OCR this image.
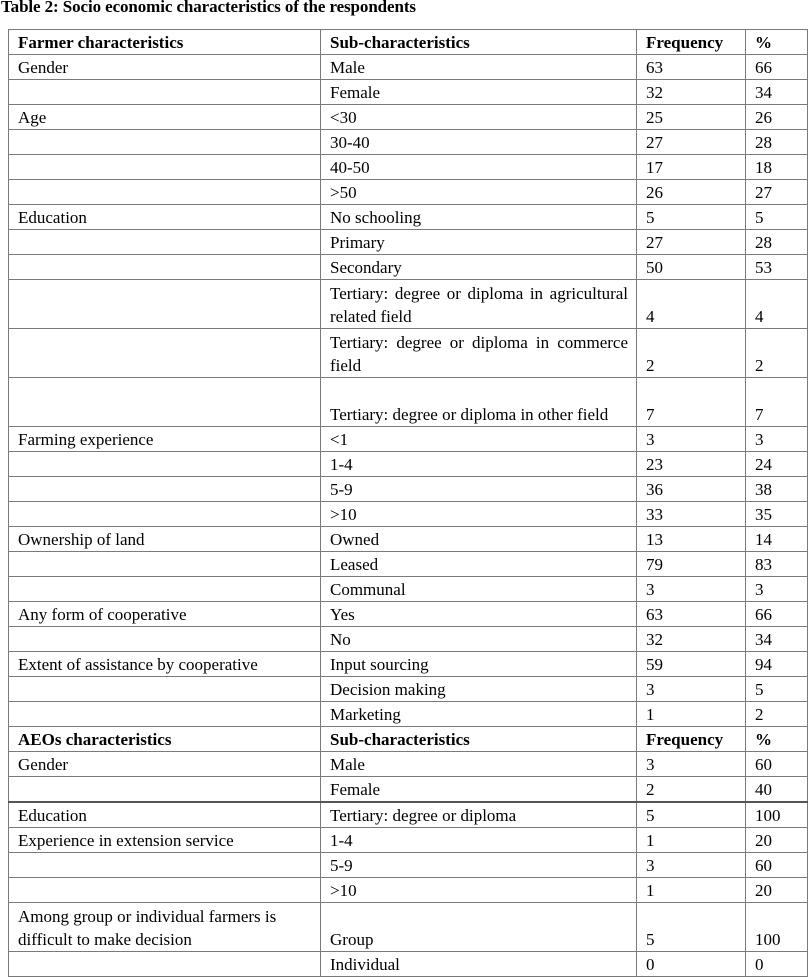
Table 2: Socio economic characteristics of the respondents
Farmer characteristics	Sub-characteristics	Frequency	%
Gender	Male	63	66
	Female	32	34
Age	<30	25	26
	30-40	27	28
	40-50	17	18
	>50	26	27
Education	No schooling	5	5
	Primary	27	28
	Secondary	50	53
	Tertiary: degree or diploma in agricultural related field	4	4
	Tertiary: degree or diploma in commerce field	2	2
	Tertiary: degree or diploma in other field	7	7
Farming experience	<1	3	3
	1-4	23	24
	5-9	36	38
	>10	33	35
Ownership of land	Owned	13	14
	Leased	79	83
	Communal	3	3
Any form of cooperative	Yes	63	66
	No	32	34
Extent of assistance by cooperative	Input sourcing	59	94
	Decision making	3	5
	Marketing	1	2
AEOs characteristics	Sub-characteristics	Frequency	%
Gender	Male	3	60
	Female	2	40
Education	Tertiary: degree or diploma	5	100
Experience in extension service	1-4	1	20
	5-9	3	60
	>10	1	20
Among group or individual farmers is difficult to make decision	Group	5	100
	Individual	0	0
